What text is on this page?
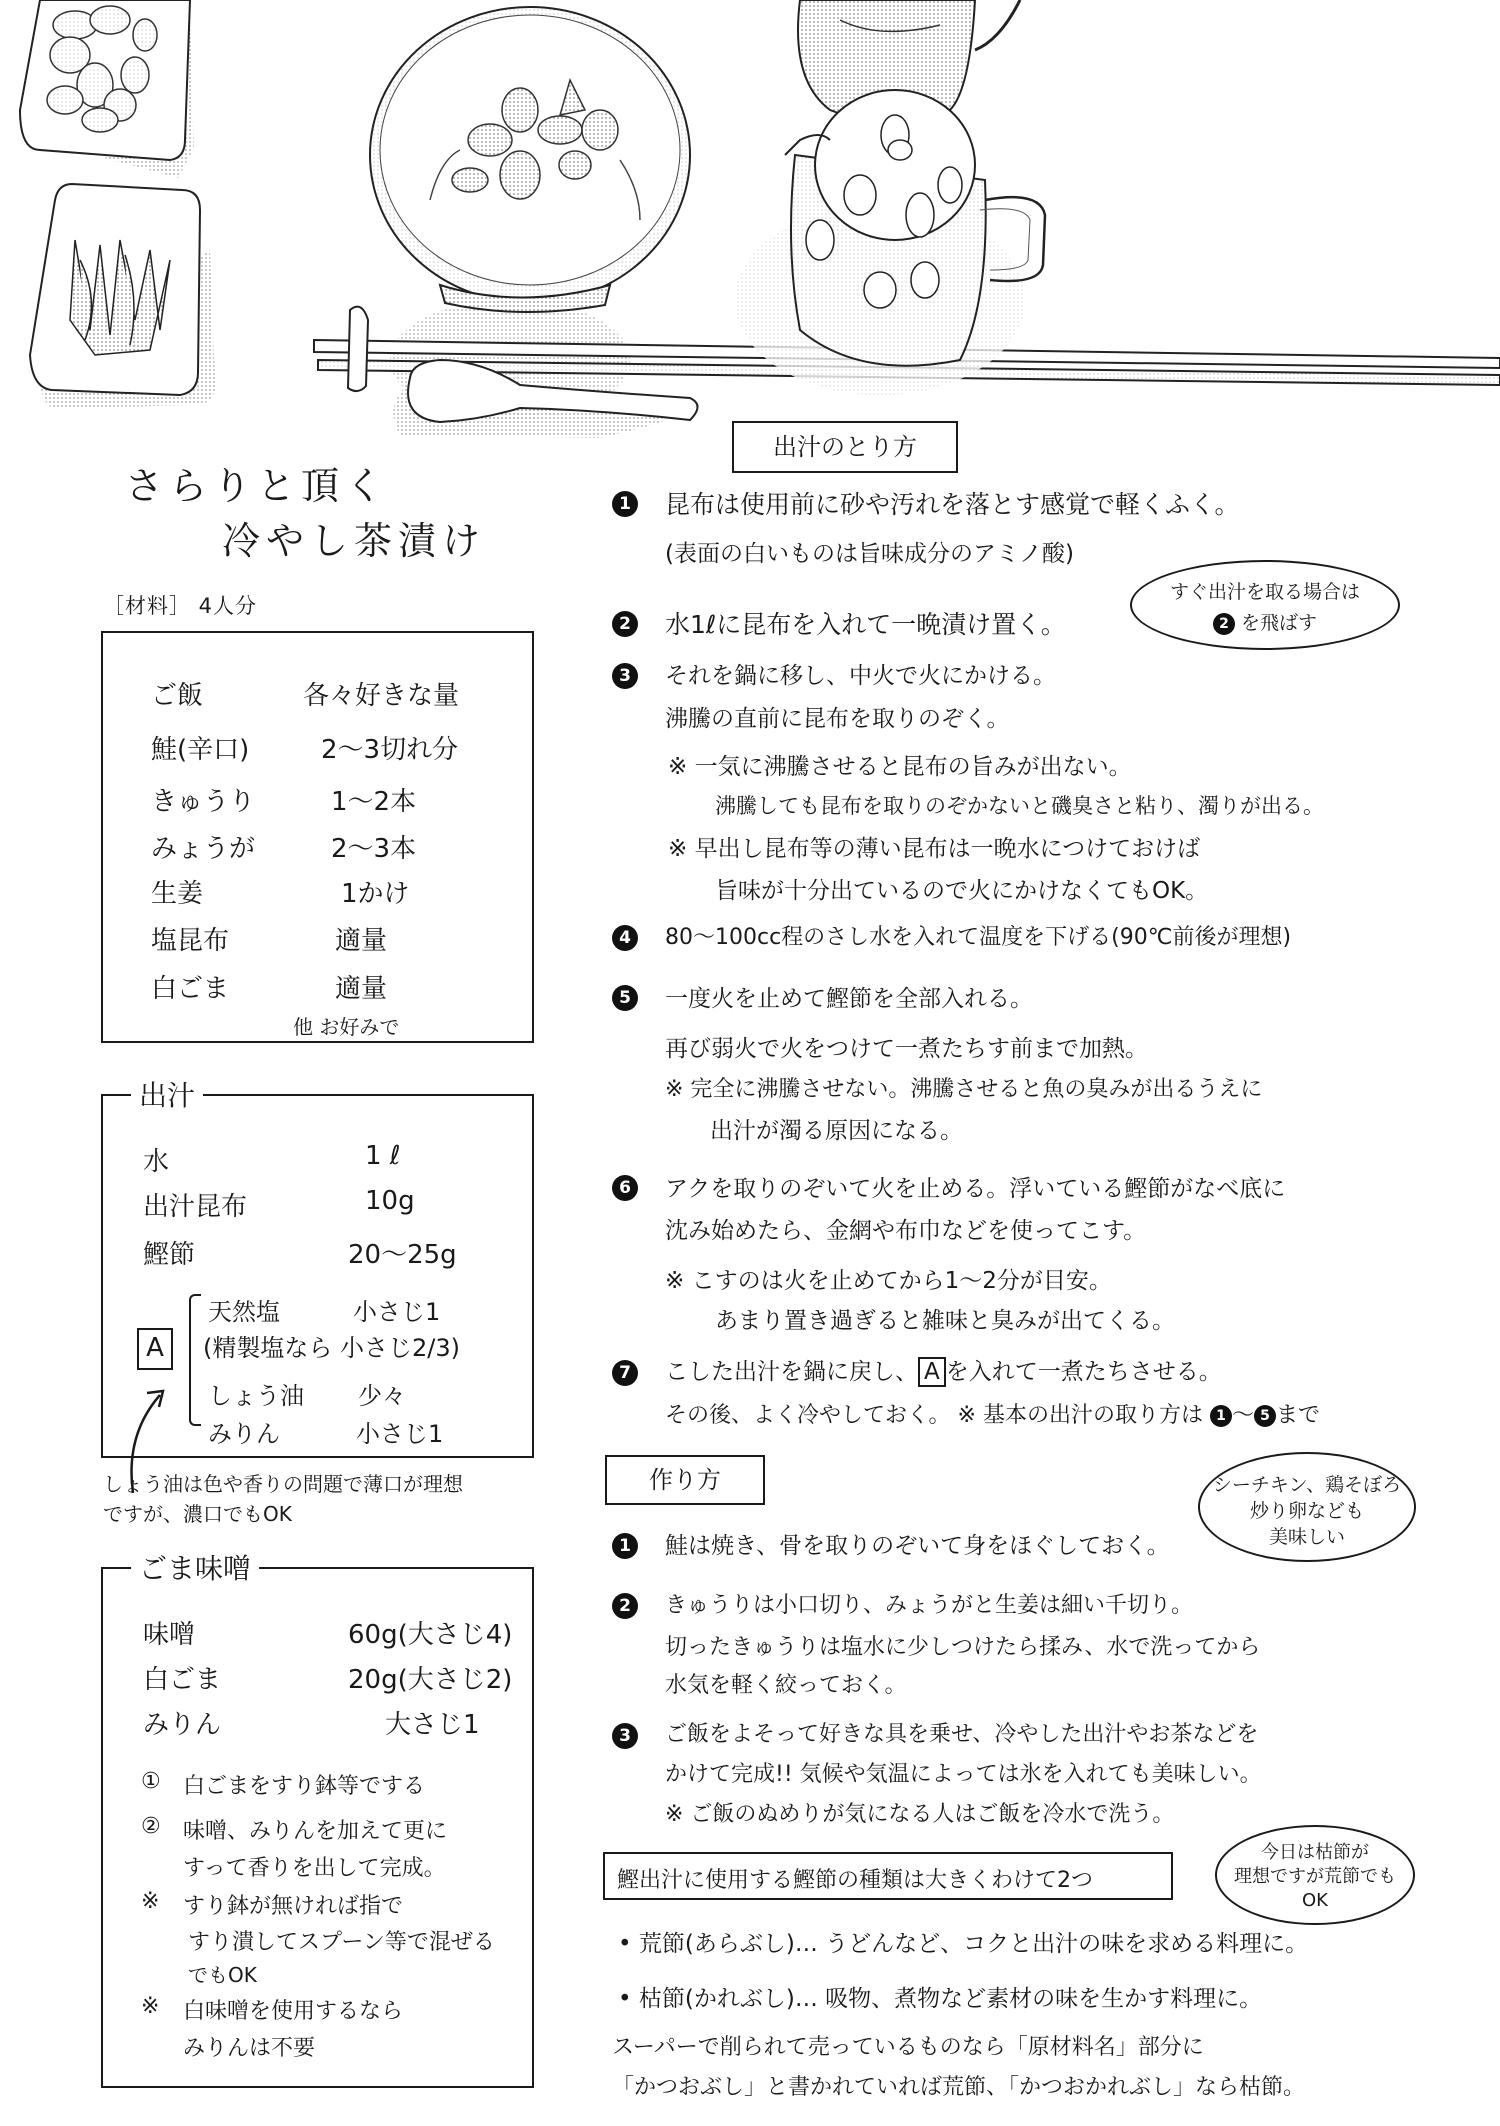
さらりと頂く
冷やし茶漬け
［材料］ 4人分
ご飯	各々好きな量
鮭(辛口)	2〜3切れ分
きゅうり	1〜2本
みょうが	2〜3本
生姜	1かけ
塩昆布	適量
白ごま	適量
他 お好みで
出汁
水	1 ℓ
出汁昆布	10g
鰹節	20〜25g
A
天然塩	小さじ1
(精製塩なら 小さじ2/3)
しょう油 少々
みりん	小さじ1
しょう油は色や香りの問題で薄口が理想
ですが、濃口でもOK
ごま味噌
味噌	60g(大さじ4)
白ごま	20g(大さじ2)
みりん	大さじ1
① 白ごまをすり鉢等でする
② 味噌、みりんを加えて更に
すって香りを出して完成。
※ すり鉢が無ければ指で
すり潰してスプーン等で混ぜる
でもOK
※ 白味噌を使用するなら
みりんは不要
出汁のとり方
1 昆布は使用前に砂や汚れを落とす感覚で軽くふく。
(表面の白いものは旨味成分のアミノ酸)
2 水1ℓに昆布を入れて一晩漬け置く。
すぐ出汁を取る場合は
2 を飛ばす
3	それを鍋に移し、中火で火にかける。
沸騰の直前に昆布を取りのぞく。
※ 一気に沸騰させると昆布の旨みが出ない。
沸騰しても昆布を取りのぞかないと磯臭さと粘り、濁りが出る。
※ 早出し昆布等の薄い昆布は一晩水につけておけば
旨味が十分出ているので火にかけなくてもOK。
4	80〜100cc程のさし水を入れて温度を下げる(90℃前後が理想)
5	一度火を止めて鰹節を全部入れる。
再び弱火で火をつけて一煮たちす前まで加熱。
※ 完全に沸騰させない。沸騰させると魚の臭みが出るうえに
出汁が濁る原因になる。
6	アクを取りのぞいて火を止める。浮いている鰹節がなべ底に
沈み始めたら、金網や布巾などを使ってこす。
※ こすのは火を止めてから1〜2分が目安。
あまり置き過ぎると雑味と臭みが出てくる。
7	こした出汁を鍋に戻し、 A を入れて一煮たちさせる。
その後、よく冷やしておく。 ※ 基本の出汁の取り方は 1 〜 5 まで
作り方
1	鮭は焼き、骨を取りのぞいて身をほぐしておく。
シーチキン、鶏そぼろ
炒り卵なども
美味しい
2	きゅうりは小口切り、みょうがと生姜は細い千切り。
切ったきゅうりは塩水に少しつけたら揉み、水で洗ってから
水気を軽く絞っておく。
3	ご飯をよそって好きな具を乗せ、冷やした出汁やお茶などを
かけて完成!! 気候や気温によっては氷を入れても美味しい。
※ ご飯のぬめりが気になる人はご飯を冷水で洗う。
鰹出汁に使用する鰹節の種類は大きくわけて2つ
今日は枯節が
理想ですが荒節でも
OK
• 荒節(あらぶし)… うどんなど、コクと出汁の味を求める料理に。
• 枯節(かれぶし)… 吸物、煮物など素材の味を生かす料理に。
スーパーで削られて売っているものなら「原材料名」部分に
「かつおぶし」と書かれていれば荒節、「かつおかれぶし」なら枯節。
